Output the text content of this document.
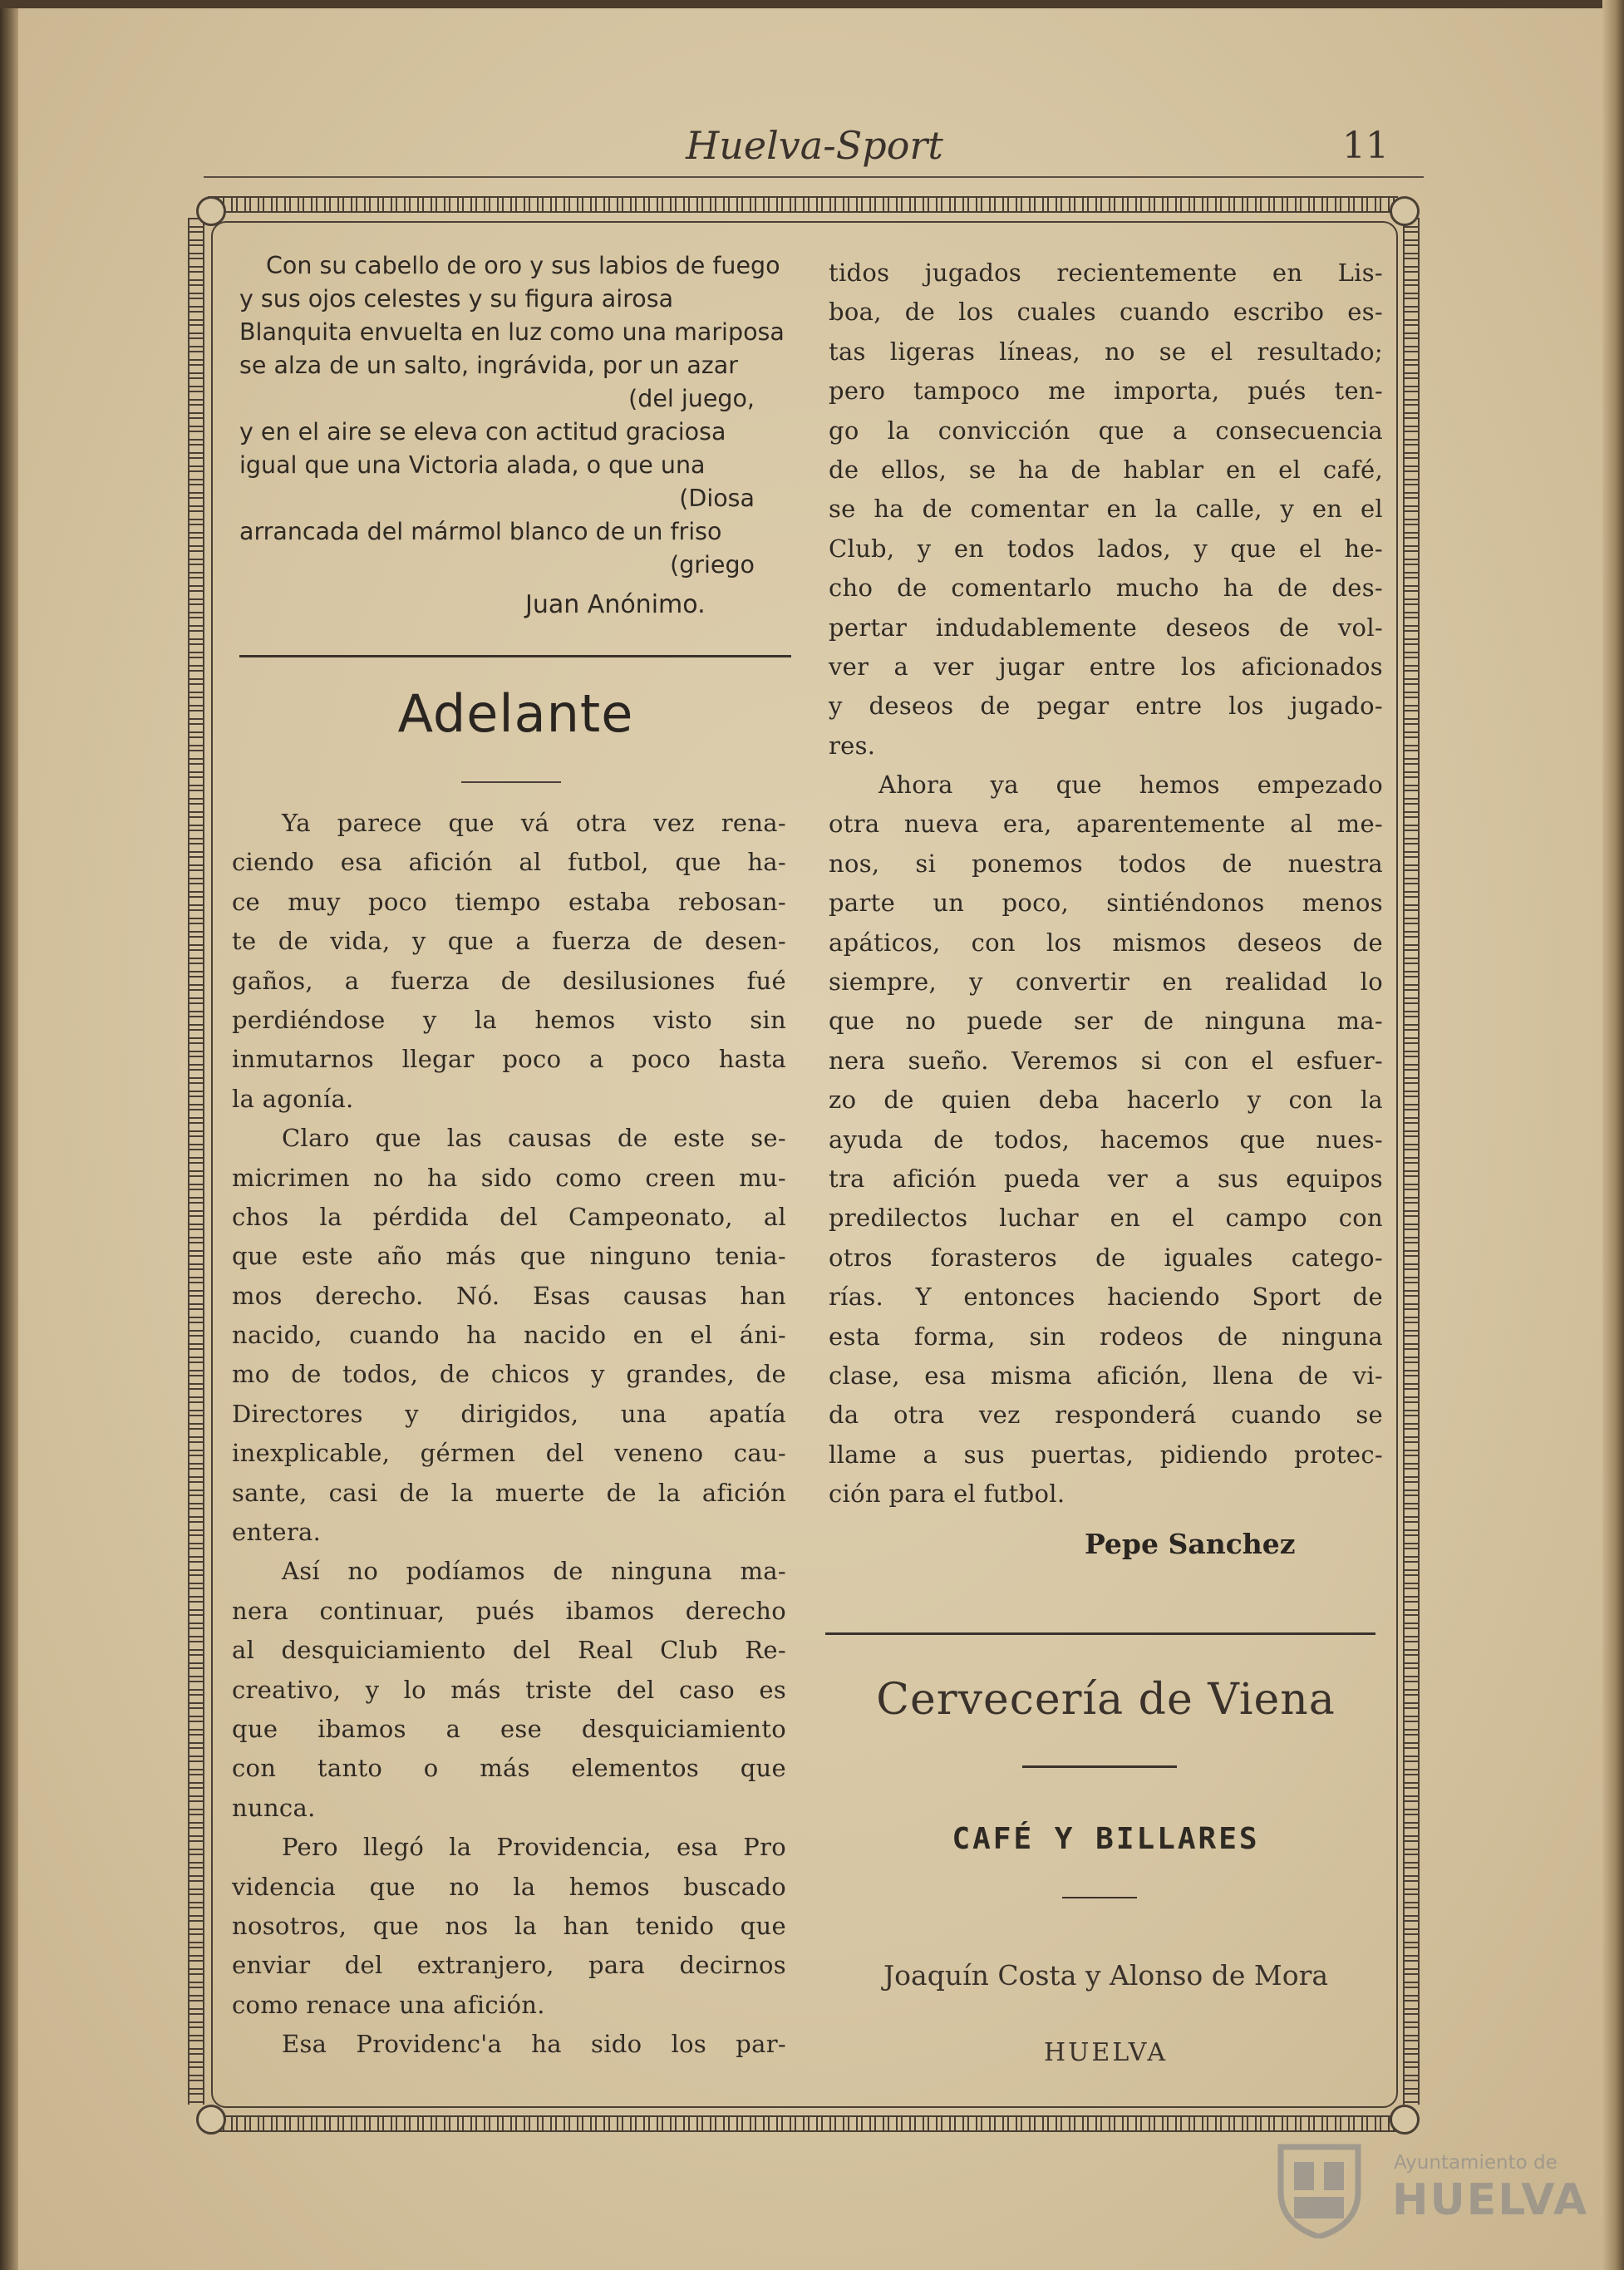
Huelva-Sport	11
Con su cabello de oro y sus labios de fuego
y sus ojos celestes y su figura airosa
Blanquita envuelta en luz como una mariposa
se alza de un salto, ingrávida, por un azar
(del juego,
y en el aire se eleva con actitud graciosa
igual que una Victoria alada, o que una
(Diosa
arrancada del mármol blanco de un friso
(griego
Juan Anónimo.
Adelante
Ya parece que vá otra vez rena-
ciendo esa afición al futbol, que ha-
ce muy poco tiempo estaba rebosan-
te de vida, y que a fuerza de desen-
gaños, a fuerza de desilusiones fué
perdiéndose y la hemos visto sin
inmutarnos llegar poco a poco hasta
la agonía.
Claro que las causas de este se-
micrimen no ha sido como creen mu-
chos la pérdida del Campeonato, al
que este año más que ninguno tenia-
mos derecho. Nó. Esas causas han
nacido, cuando ha nacido en el áni-
mo de todos, de chicos y grandes, de
Directores y dirigidos, una apatía
inexplicable, gérmen del veneno cau-
sante, casi de la muerte de la afición
entera.
Así no podíamos de ninguna ma-
nera continuar, pués ibamos derecho
al desquiciamiento del Real Club Re-
creativo, y lo más triste del caso es
que ibamos a ese desquiciamiento
con tanto o más elementos que
nunca.
Pero llegó la Providencia, esa Pro
videncia que no la hemos buscado
nosotros, que nos la han tenido que
enviar del extranjero, para decirnos
como renace una afición.
Esa Providenc'a ha sido los par-
tidos jugados recientemente en Lis-
boa, de los cuales cuando escribo es-
tas ligeras líneas, no se el resultado;
pero tampoco me importa, pués ten-
go la convicción que a consecuencia
de ellos, se ha de hablar en el café,
se ha de comentar en la calle, y en el
Club, y en todos lados, y que el he-
cho de comentarlo mucho ha de des-
pertar indudablemente deseos de vol-
ver a ver jugar entre los aficionados
y deseos de pegar entre los jugado-
res.
Ahora ya que hemos empezado
otra nueva era, aparentemente al me-
nos, si ponemos todos de nuestra
parte un poco, sintiéndonos menos
apáticos, con los mismos deseos de
siempre, y convertir en realidad lo
que no puede ser de ninguna ma-
nera sueño. Veremos si con el esfuer-
zo de quien deba hacerlo y con la
ayuda de todos, hacemos que nues-
tra afición pueda ver a sus equipos
predilectos luchar en el campo con
otros forasteros de iguales catego-
rías. Y entonces haciendo Sport de
esta forma, sin rodeos de ninguna
clase, esa misma afición, llena de vi-
da otra vez responderá cuando se
llame a sus puertas, pidiendo protec-
ción para el futbol.
Pepe Sanchez
Cervecería de Viena
CAFÉ Y BILLARES
Joaquín Costa y Alonso de Mora
HUELVA
Ayuntamiento de
HUELVA
